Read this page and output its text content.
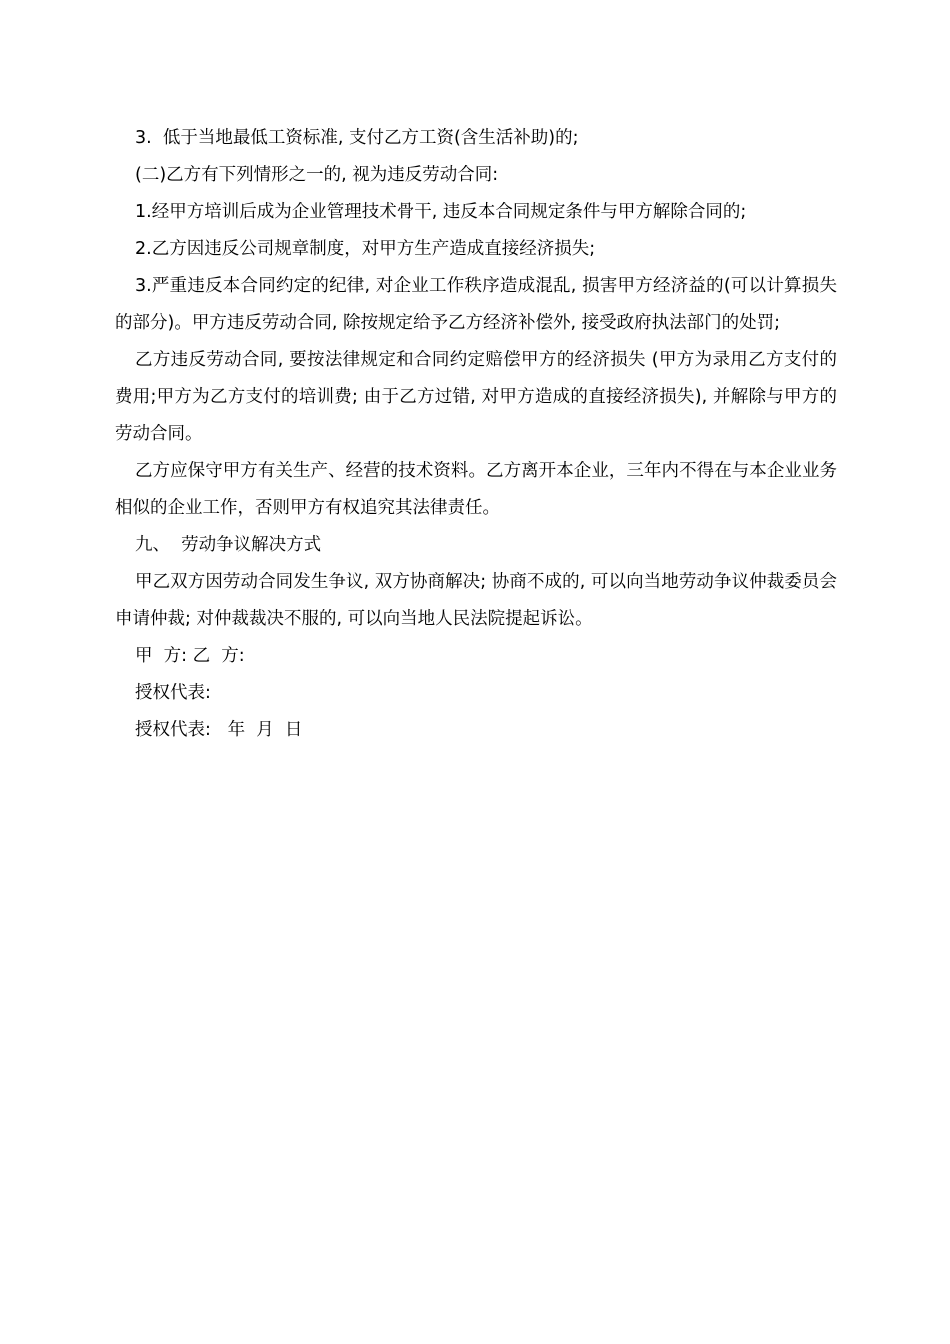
3.  低于当地最低工资标准, 支付乙方工资(含生活补助)的;

(二)乙方有下列情形之一的, 视为违反劳动合同:

1.经甲方培训后成为企业管理技术骨干, 违反本合同规定条件与甲方解除合同的;

2.乙方因违反公司规章制度，对甲方生产造成直接经济损失;

3.严重违反本合同约定的纪律, 对企业工作秩序造成混乱, 损害甲方经济益的(可以计算损失的部分)。甲方违反劳动合同, 除按规定给予乙方经济补偿外, 接受政府执法部门的处罚;

乙方违反劳动合同, 要按法律规定和合同约定赔偿甲方的经济损失 (甲方为录用乙方支付的费用;甲方为乙方支付的培训费; 由于乙方过错, 对甲方造成的直接经济损失), 并解除与甲方的劳动合同。

乙方应保守甲方有关生产、经营的技术资料。乙方离开本企业，三年内不得在与本企业业务相似的企业工作，否则甲方有权追究其法律责任。

九、  劳动争议解决方式

甲乙双方因劳动合同发生争议, 双方协商解决; 协商不成的, 可以向当地劳动争议仲裁委员会申请仲裁; 对仲裁裁决不服的, 可以向当地人民法院提起诉讼。

甲  方: 乙  方:

授权代表:

授权代表:   年  月  日
